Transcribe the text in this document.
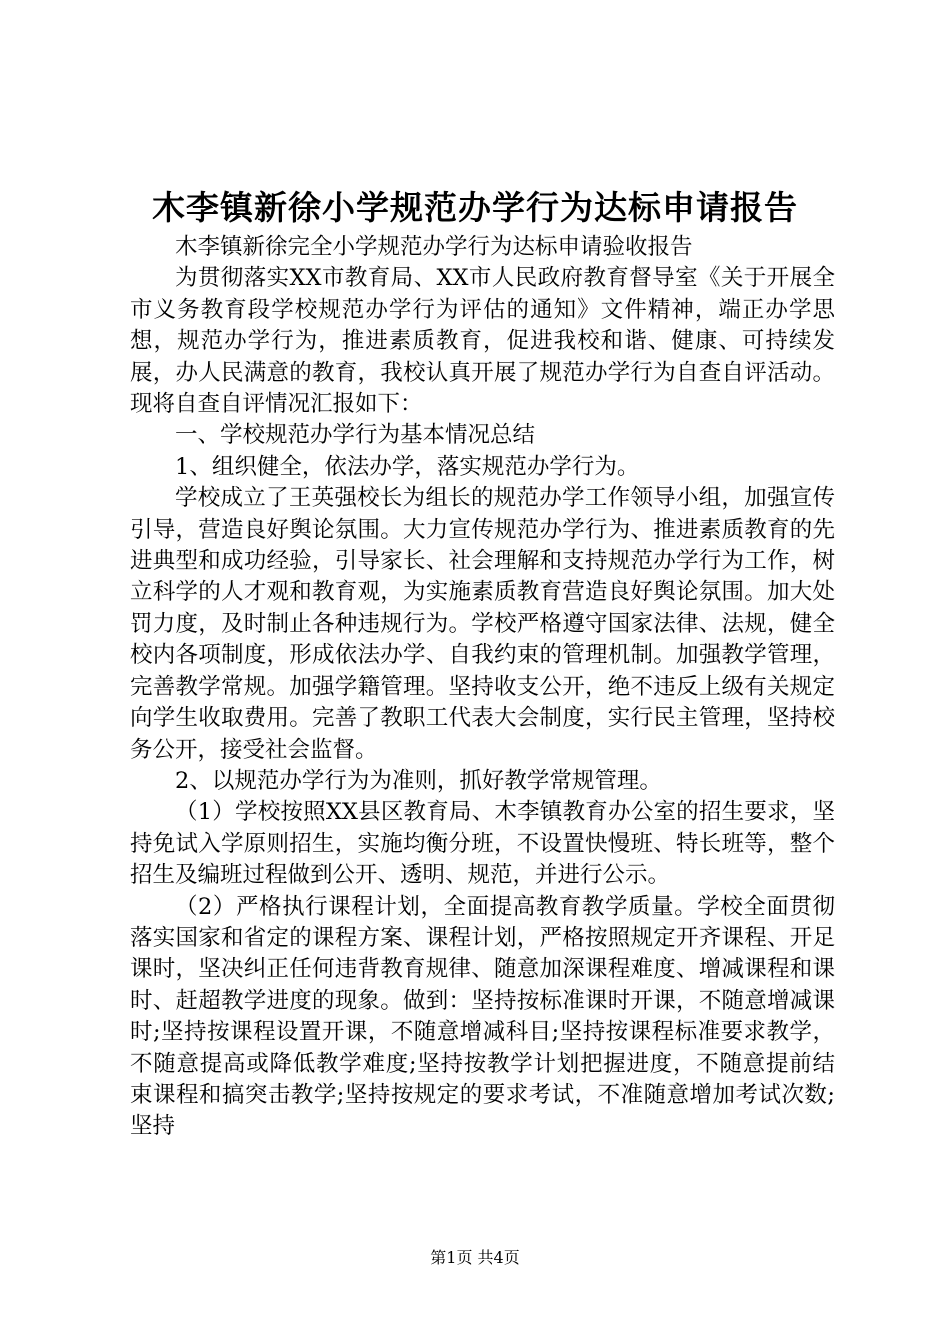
木李镇新徐小学规范办学行为达标申请报告

木李镇新徐完全小学规范办学行为达标申请验收报告

为贯彻落实XX市教育局、XX市人民政府教育督导室《关于开展全市义务教育段学校规范办学行为评估的通知》文件精神，端正办学思想，规范办学行为，推进素质教育，促进我校和谐、健康、可持续发展，办人民满意的教育，我校认真开展了规范办学行为自查自评活动。现将自查自评情况汇报如下：

一、学校规范办学行为基本情况总结

1、组织健全，依法办学，落实规范办学行为。

学校成立了王英强校长为组长的规范办学工作领导小组，加强宣传引导，营造良好舆论氛围。大力宣传规范办学行为、推进素质教育的先进典型和成功经验，引导家长、社会理解和支持规范办学行为工作，树立科学的人才观和教育观，为实施素质教育营造良好舆论氛围。加大处罚力度，及时制止各种违规行为。学校严格遵守国家法律、法规，健全校内各项制度，形成依法办学、自我约束的管理机制。加强教学管理，完善教学常规。加强学籍管理。坚持收支公开，绝不违反上级有关规定向学生收取费用。完善了教职工代表大会制度，实行民主管理，坚持校务公开，接受社会监督。

2、以规范办学行为为准则，抓好教学常规管理。

（1）学校按照XX县区教育局、木李镇教育办公室的招生要求，坚持免试入学原则招生，实施均衡分班，不设置快慢班、特长班等，整个招生及编班过程做到公开、透明、规范，并进行公示。

（2）严格执行课程计划，全面提高教育教学质量。学校全面贯彻落实国家和省定的课程方案、课程计划，严格按照规定开齐课程、开足课时，坚决纠正任何违背教育规律、随意加深课程难度、增减课程和课时、赶超教学进度的现象。做到：坚持按标准课时开课，不随意增减课时;坚持按课程设置开课，不随意增减科目;坚持按课程标准要求教学，不随意提高或降低教学难度;坚持按教学计划把握进度，不随意提前结束课程和搞突击教学;坚持按规定的要求考试，不准随意增加考试次数;坚持

第1页 共4页
